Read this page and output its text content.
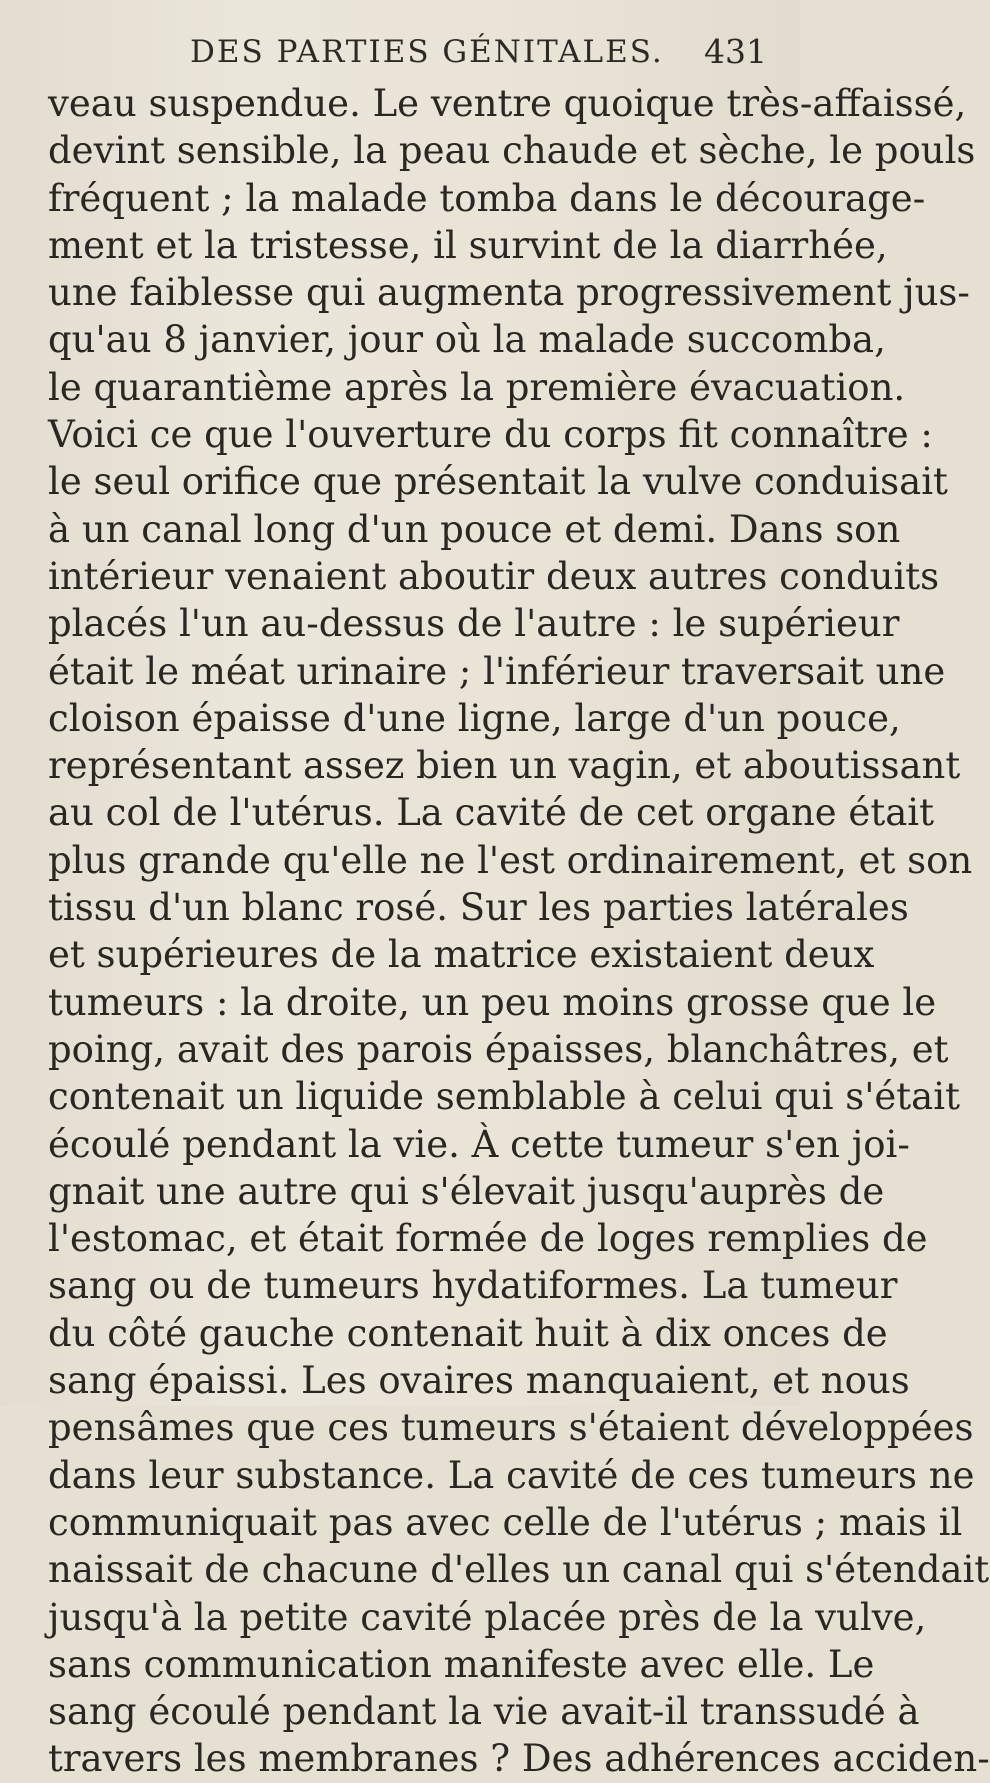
DES PARTIES GÉNITALES. 431
veau suspendue. Le ventre quoique très-affaissé,
devint sensible, la peau chaude et sèche, le pouls
fréquent ; la malade tomba dans le décourage-
ment et la tristesse, il survint de la diarrhée,
une faiblesse qui augmenta progressivement jus-
qu'au 8 janvier, jour où la malade succomba,
le quarantième après la première évacuation.
Voici ce que l'ouverture du corps fit connaître :
le seul orifice que présentait la vulve conduisait
à un canal long d'un pouce et demi. Dans son
intérieur venaient aboutir deux autres conduits
placés l'un au-dessus de l'autre : le supérieur
était le méat urinaire ; l'inférieur traversait une
cloison épaisse d'une ligne, large d'un pouce,
représentant assez bien un vagin, et aboutissant
au col de l'utérus. La cavité de cet organe était
plus grande qu'elle ne l'est ordinairement, et son
tissu d'un blanc rosé. Sur les parties latérales
et supérieures de la matrice existaient deux
tumeurs : la droite, un peu moins grosse que le
poing, avait des parois épaisses, blanchâtres, et
contenait un liquide semblable à celui qui s'était
écoulé pendant la vie. À cette tumeur s'en joi-
gnait une autre qui s'élevait jusqu'auprès de
l'estomac, et était formée de loges remplies de
sang ou de tumeurs hydatiformes. La tumeur
du côté gauche contenait huit à dix onces de
sang épaissi. Les ovaires manquaient, et nous
pensâmes que ces tumeurs s'étaient développées
dans leur substance. La cavité de ces tumeurs ne
communiquait pas avec celle de l'utérus ; mais il
naissait de chacune d'elles un canal qui s'étendait
jusqu'à la petite cavité placée près de la vulve,
sans communication manifeste avec elle. Le
sang écoulé pendant la vie avait-il transsudé à
travers les membranes ? Des adhérences acciden-
